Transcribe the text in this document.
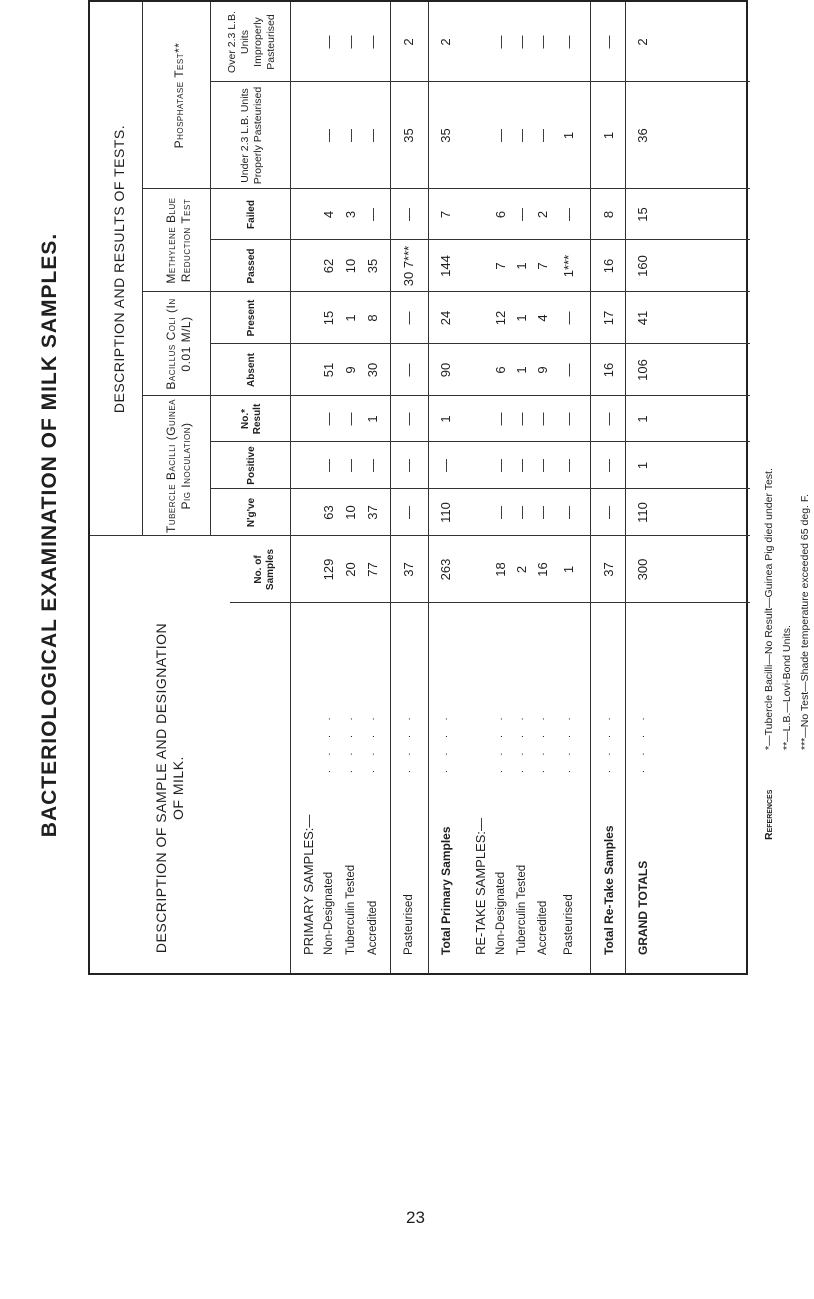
BACTERIOLOGICAL EXAMINATION OF MILK SAMPLES.	DESCRIPTION OF SAMPLE AND DESIGNATION OF MILK.
No. of Samples
DESCRIPTION AND RESULTS OF TESTS.
Tubercle Bacilli (Guinea Pig Inoculation)
Bacillus Coli (In 0.01 M/L)
Methylene Blue Reduction Test
Phosphatase Test**
N'g've
Positive
No.* Result
Absent
Present
Passed
Failed
Under 2.3 L.B. Units Properly Pasteurised
Over 2.3 L.B. Units Improperly Pasteurised
PRIMARY SAMPLES:— Non-Designated
. . . .
129
63
—
—
51
15
62
4
—
—
Tuberculin Tested
. . . .
20
10
—
—
9
1
10
3
—
—
Accredited
. . . .
77
37
—
1
30
8
35
—
—
—
Pasteurised
. . . .
37
—
—
—
—
—
30 7***
—
35
2
Total Primary Samples
. . . .
263
110
—
1
90
24
144
7
35
2
RE-TAKE SAMPLES:— Non-Designated
. . . .
18
—
—
—
6
12
7
6
—
—
Tuberculin Tested
. . . .
2
—
—
—
1
1
1
—
—
—
Accredited
. . . .
16
—
—
—
9
4
7
2
—
—
Pasteurised
. . . .
1
—
—
—
—
—
1***
—
1
—
Total Re-Take Samples
. . . .
37
—
—
—
16
17
16
8
1
—
GRAND TOTALS
. . . .
300
110
1
1
106
41
160
15
36
2
References
*—Tubercle Bacilli—No Result—Guinea Pig died under Test. **—L.B.—Lovi-Bond Units. ***—No Test—Shade temperature exceeded 65 deg. F.
23
